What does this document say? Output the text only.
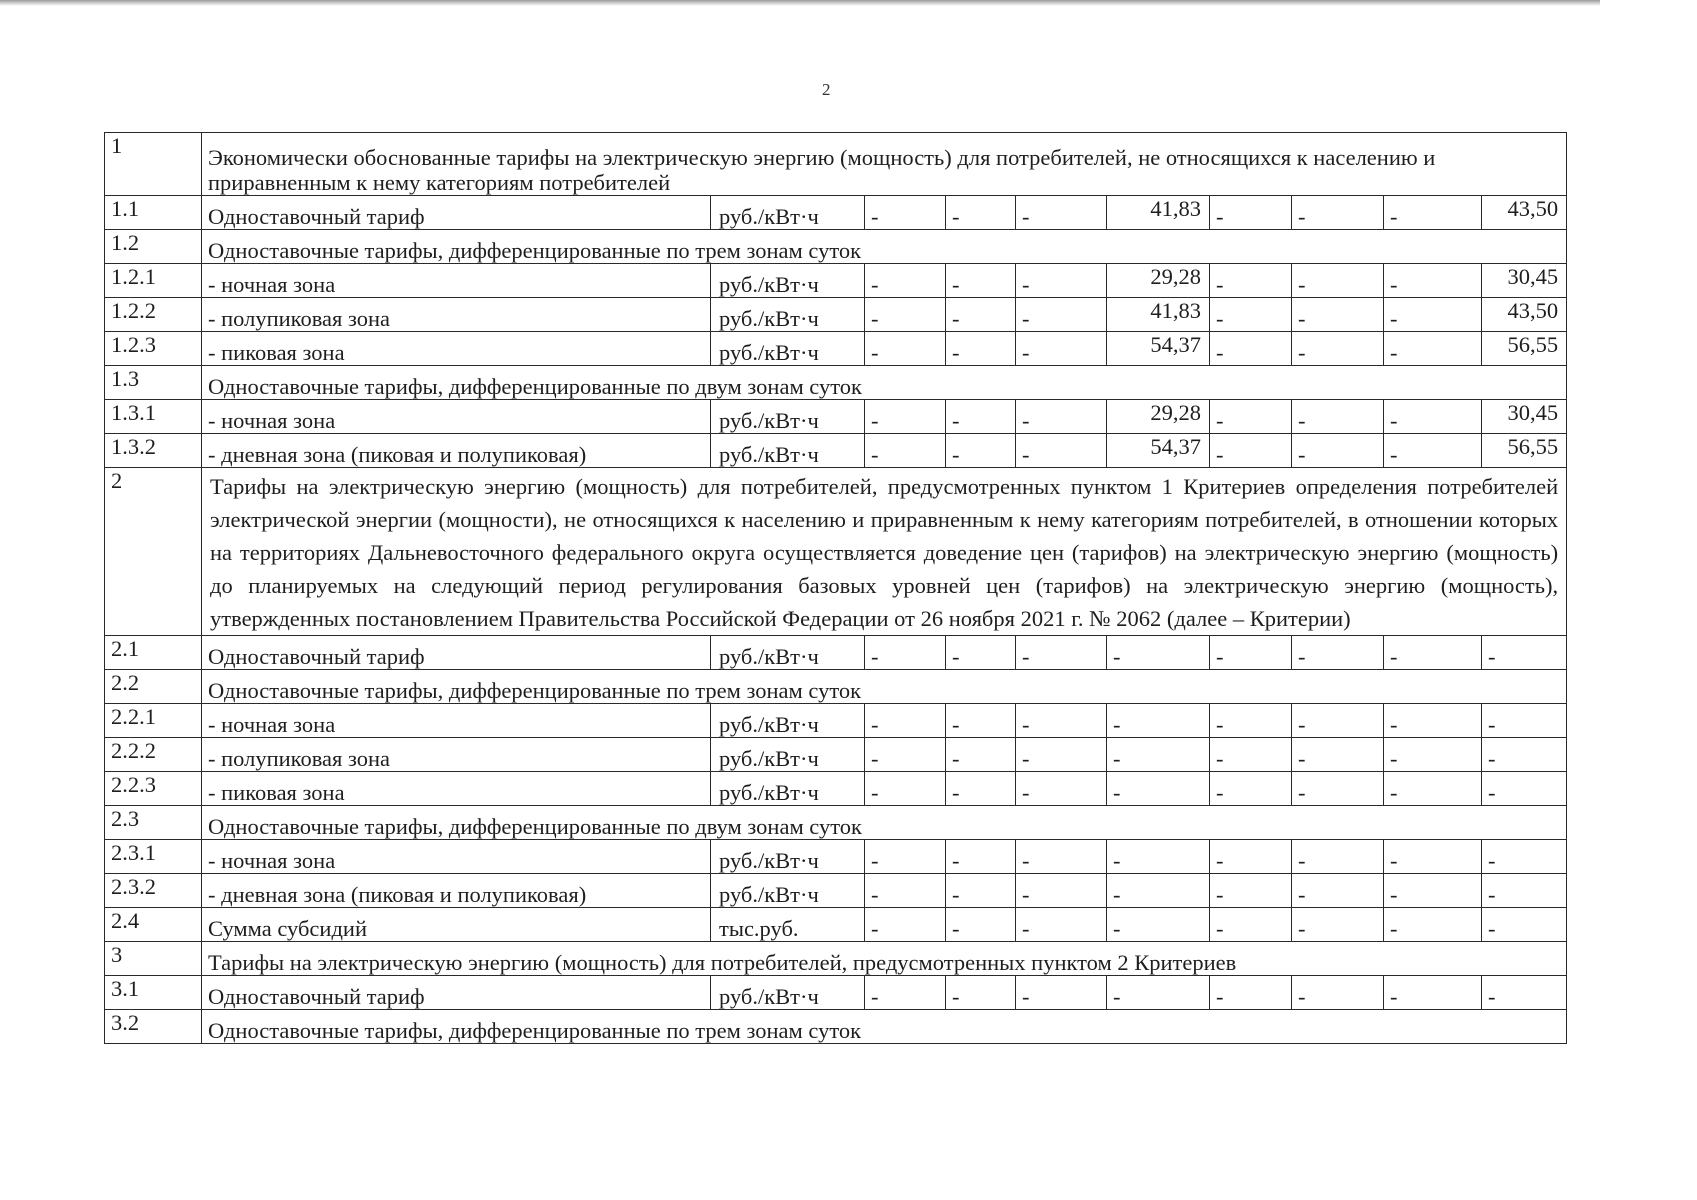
2
1	Экономически обоснованные тарифы на электрическую энергию (мощность) для потребителей, не относящихся к населению и приравненным к нему категориям потребителей									
1.1	Одноставочный тариф	руб./кВт·ч	-	-	-	41,83	-	-	-	43,50
1.2	Одноставочные тарифы, дифференцированные по трем зонам суток									
1.2.1	- ночная зона	руб./кВт·ч	-	-	-	29,28	-	-	-	30,45
1.2.2	- полупиковая зона	руб./кВт·ч	-	-	-	41,83	-	-	-	43,50
1.2.3	- пиковая зона	руб./кВт·ч	-	-	-	54,37	-	-	-	56,55
1.3	Одноставочные тарифы, дифференцированные по двум зонам суток									
1.3.1	- ночная зона	руб./кВт·ч	-	-	-	29,28	-	-	-	30,45
1.3.2	- дневная зона (пиковая и полупиковая)	руб./кВт·ч	-	-	-	54,37	-	-	-	56,55
2	Тарифы на электрическую энергию (мощность) для потребителей, предусмотренных пунктом 1 Критериев определения потребителей электрической энергии (мощности), не относящихся к населению и приравненным к нему категориям потребителей, в отношении которых на территориях Дальневосточного федерального округа осуществляется доведение цен (тарифов) на электрическую энергию (мощность) до планируемых на следующий период регулирования базовых уровней цен (тарифов) на электрическую энергию (мощность), утвержденных постановлением Правительства Российской Федерации от 26 ноября 2021 г. № 2062 (далее – Критерии)									
2.1	Одноставочный тариф	руб./кВт·ч	-	-	-	-	-	-	-	-
2.2	Одноставочные тарифы, дифференцированные по трем зонам суток									
2.2.1	- ночная зона	руб./кВт·ч	-	-	-	-	-	-	-	-
2.2.2	- полупиковая зона	руб./кВт·ч	-	-	-	-	-	-	-	-
2.2.3	- пиковая зона	руб./кВт·ч	-	-	-	-	-	-	-	-
2.3	Одноставочные тарифы, дифференцированные по двум зонам суток									
2.3.1	- ночная зона	руб./кВт·ч	-	-	-	-	-	-	-	-
2.3.2	- дневная зона (пиковая и полупиковая)	руб./кВт·ч	-	-	-	-	-	-	-	-
2.4	Сумма субсидий	тыс.руб.	-	-	-	-	-	-	-	-
3	Тарифы на электрическую энергию (мощность) для потребителей, предусмотренных пунктом 2 Критериев									
3.1	Одноставочный тариф	руб./кВт·ч	-	-	-	-	-	-	-	-
3.2	Одноставочные тарифы, дифференцированные по трем зонам суток									
